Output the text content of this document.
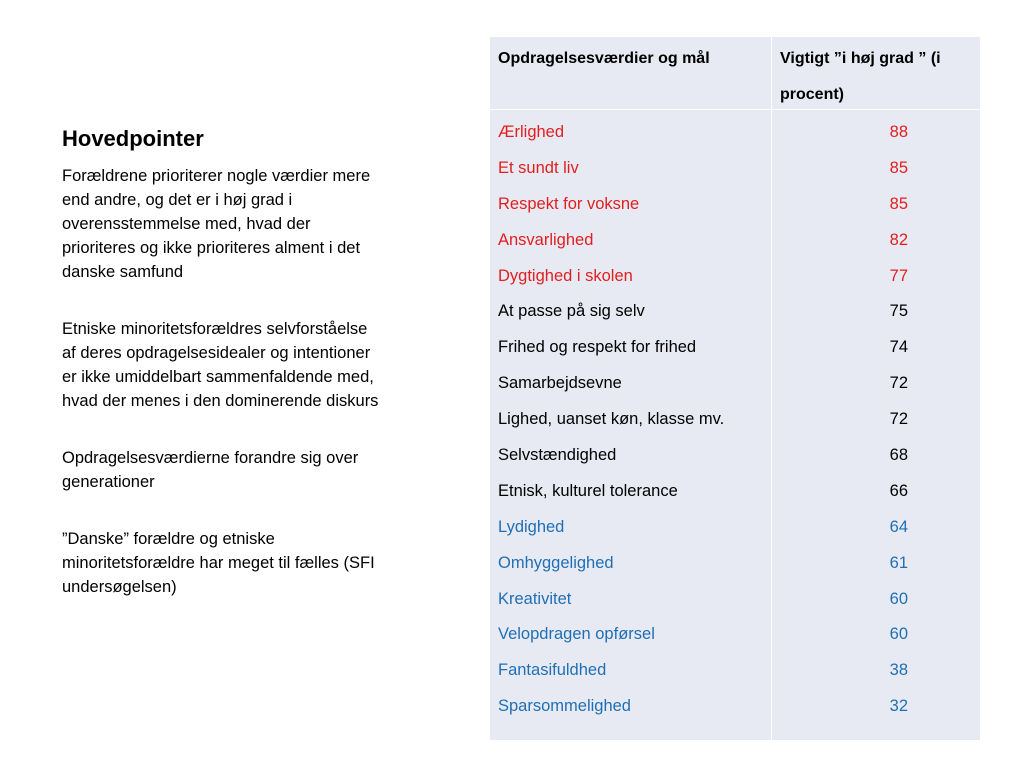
Hovedpointer

Forældrene prioriterer nogle værdier mere end andre, og det er i høj grad i overensstemmelse med, hvad der prioriteres og ikke prioriteres alment i det danske samfund

Etniske minoritetsforældres selvforståelse af deres opdragelsesidealer og intentioner er ikke umiddelbart sammenfaldende med, hvad der menes i den dominerende diskurs

Opdragelsesværdierne forandre sig over generationer

”Danske” forældre og etniske minoritetsforældre har meget til fælles (SFI undersøgelsen)

Opdragelsesværdier og mål	Vigtigt ”i høj grad ” (i procent)
Ærlighed
Et sundt liv
Respekt for voksne
Ansvarlighed
Dygtighed i skolen
At passe på sig selv
Frihed og respekt for frihed
Samarbejdsevne
Lighed, uanset køn, klasse mv.
Selvstændighed
Etnisk, kulturel tolerance
Lydighed
Omhyggelighed
Kreativitet
Velopdragen opførsel
Fantasifuldhed
Sparsommelighed
88
85
85
82
77
75
74
72
72
68
66
64
61
60
60
38
32
